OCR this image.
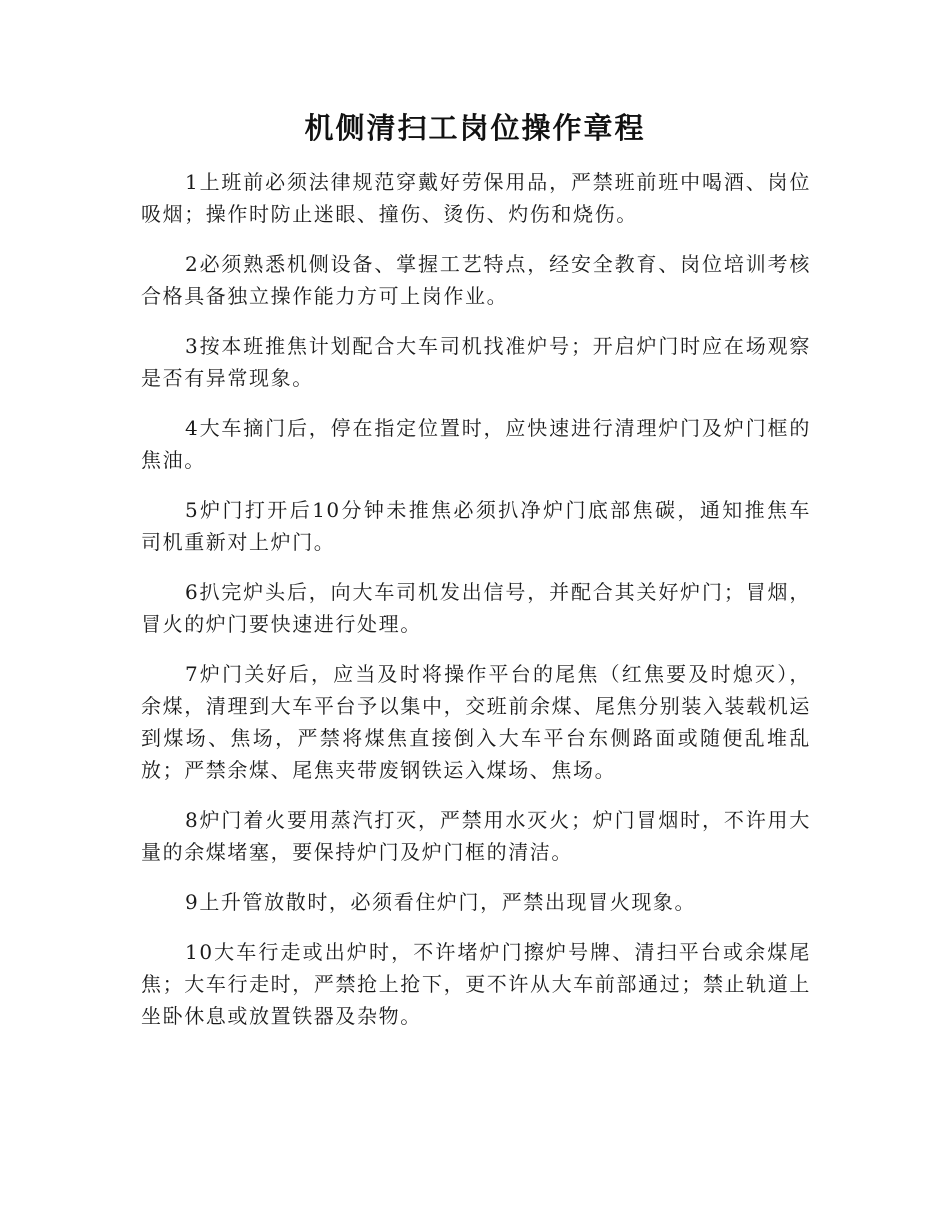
机侧清扫工岗位操作章程

1上班前必须法律规范穿戴好劳保用品，严禁班前班中喝酒、岗位吸烟；操作时防止迷眼、撞伤、烫伤、灼伤和烧伤。

2必须熟悉机侧设备、掌握工艺特点，经安全教育、岗位培训考核合格具备独立操作能力方可上岗作业。

3按本班推焦计划配合大车司机找准炉号；开启炉门时应在场观察是否有异常现象。

4大车摘门后，停在指定位置时，应快速进行清理炉门及炉门框的焦油。

5炉门打开后10分钟未推焦必须扒净炉门底部焦碳，通知推焦车司机重新对上炉门。

6扒完炉头后，向大车司机发出信号，并配合其关好炉门；冒烟，冒火的炉门要快速进行处理。

7炉门关好后，应当及时将操作平台的尾焦（红焦要及时熄灭），余煤，清理到大车平台予以集中，交班前余煤、尾焦分别装入装载机运到煤场、焦场，严禁将煤焦直接倒入大车平台东侧路面或随便乱堆乱放；严禁余煤、尾焦夹带废钢铁运入煤场、焦场。

8炉门着火要用蒸汽打灭，严禁用水灭火；炉门冒烟时，不许用大量的余煤堵塞，要保持炉门及炉门框的清洁。

9上升管放散时，必须看住炉门，严禁出现冒火现象。

10大车行走或出炉时，不许堵炉门擦炉号牌、清扫平台或余煤尾焦；大车行走时，严禁抢上抢下，更不许从大车前部通过；禁止轨道上坐卧休息或放置铁器及杂物。
